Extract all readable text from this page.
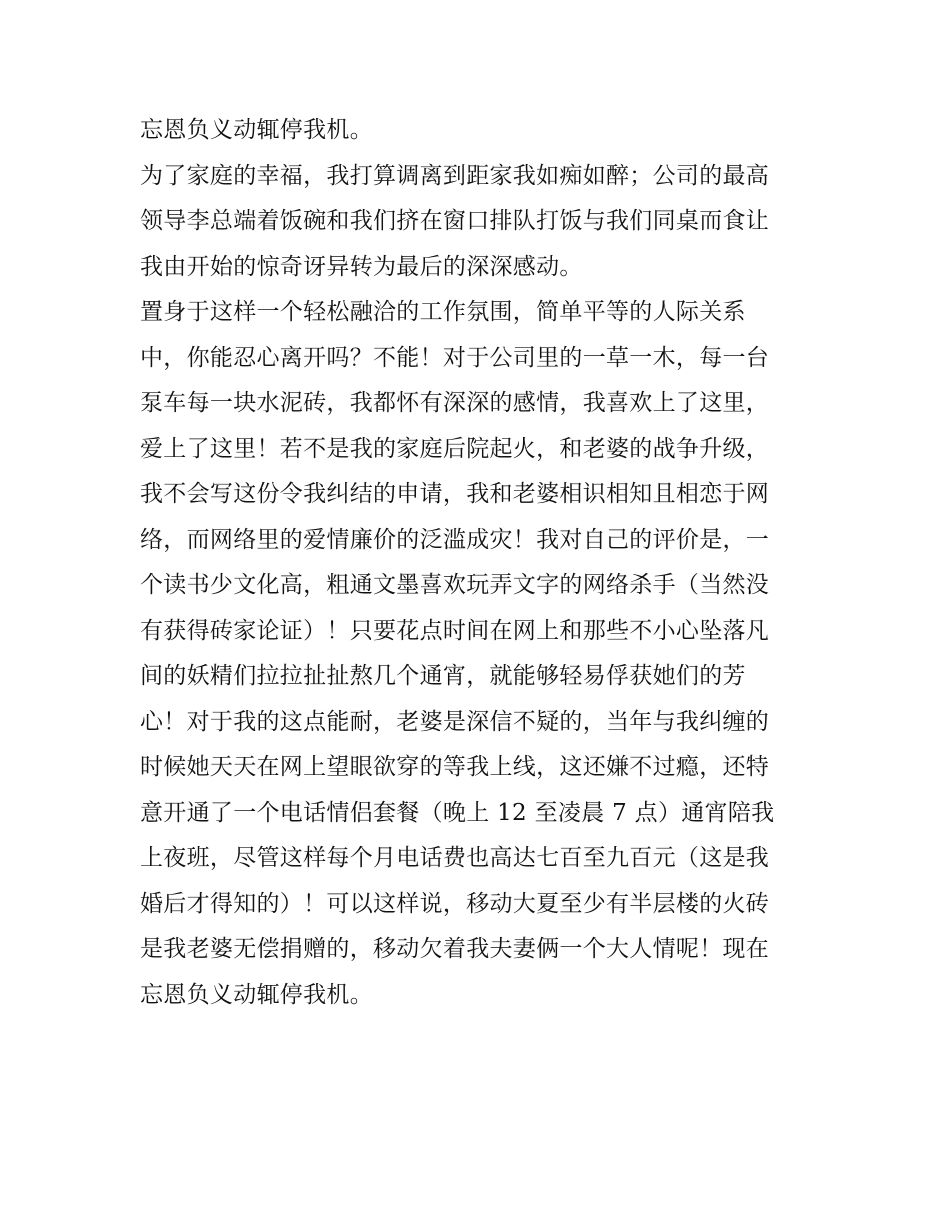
忘恩负义动辄停我机。
为了家庭的幸福，我打算调离到距家我如痴如醉；公司的最高
领导李总端着饭碗和我们挤在窗口排队打饭与我们同桌而食让
我由开始的惊奇讶异转为最后的深深感动。
置身于这样一个轻松融洽的工作氛围，简单平等的人际关系
中，你能忍心离开吗？不能！对于公司里的一草一木，每一台
泵车每一块水泥砖，我都怀有深深的感情，我喜欢上了这里，
爱上了这里！若不是我的家庭后院起火，和老婆的战争升级，
我不会写这份令我纠结的申请，我和老婆相识相知且相恋于网
络，而网络里的爱情廉价的泛滥成灾！我对自己的评价是，一
个读书少文化高，粗通文墨喜欢玩弄文字的网络杀手（当然没
有获得砖家论证）！只要花点时间在网上和那些不小心坠落凡
间的妖精们拉拉扯扯熬几个通宵，就能够轻易俘获她们的芳
心！对于我的这点能耐，老婆是深信不疑的，当年与我纠缠的
时候她天天在网上望眼欲穿的等我上线，这还嫌不过瘾，还特
意开通了一个电话情侣套餐（晚上 12 至凌晨 7 点）通宵陪我
上夜班，尽管这样每个月电话费也高达七百至九百元（这是我
婚后才得知的）！可以这样说，移动大夏至少有半层楼的火砖
是我老婆无偿捐赠的，移动欠着我夫妻俩一个大人情呢！现在
忘恩负义动辄停我机。
